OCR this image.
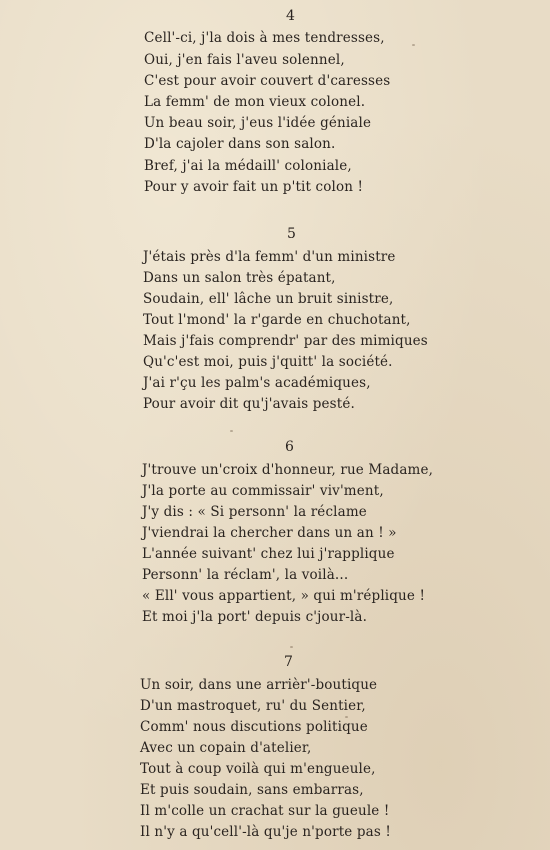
4
Cell'-ci, j'la dois à mes tendresses,
Oui, j'en fais l'aveu solennel,
C'est pour avoir couvert d'caresses
La femm' de mon vieux colonel.
Un beau soir, j'eus l'idée géniale
D'la cajoler dans son salon.
Bref, j'ai la médaill' coloniale,
Pour y avoir fait un p'tit colon !
5
J'étais près d'la femm' d'un ministre
Dans un salon très épatant,
Soudain, ell' lâche un bruit sinistre,
Tout l'mond' la r'garde en chuchotant,
Mais j'fais comprendr' par des mimiques
Qu'c'est moi, puis j'quitt' la société.
J'ai r'çu les palm's académiques,
Pour avoir dit qu'j'avais pesté.
6
J'trouve un'croix d'honneur, rue Madame,
J'la porte au commissair' viv'ment,
J'y dis : « Si personn' la réclame
J'viendrai la chercher dans un an ! »
L'année suivant' chez lui j'rapplique
Personn' la réclam', la voilà...
« Ell' vous appartient, » qui m'réplique !
Et moi j'la port' depuis c'jour-là.
7
Un soir, dans une arrièr'-boutique
D'un mastroquet, ru' du Sentier,
Comm' nous discutions politique
Avec un copain d'atelier,
Tout à coup voilà qui m'engueule,
Et puis soudain, sans embarras,
Il m'colle un crachat sur la gueule !
Il n'y a qu'cell'-là qu'je n'porte pas !
